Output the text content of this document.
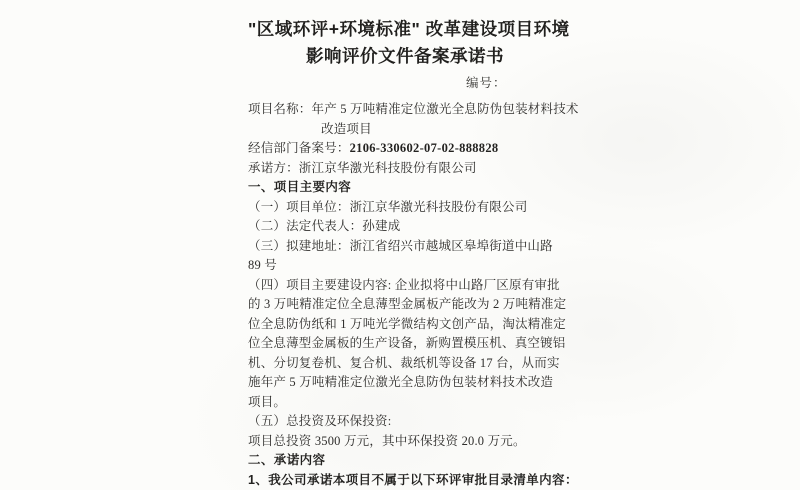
"区域环评+环境标准" 改革建设项目环境
影响评价文件备案承诺书
编号：
项目名称：年产 5 万吨精准定位激光全息防伪包装材料技术
改造项目
经信部门备案号：2106-330602-07-02-888828
承诺方：浙江京华激光科技股份有限公司
一、项目主要内容
（一）项目单位：浙江京华激光科技股份有限公司
（二）法定代表人：孙建成
（三）拟建地址：浙江省绍兴市越城区皋埠街道中山路
89 号
（四）项目主要建设内容: 企业拟将中山路厂区原有审批
的 3 万吨精准定位全息薄型金属板产能改为 2 万吨精准定
位全息防伪纸和 1 万吨光学微结构文创产品，淘汰精准定
位全息薄型金属板的生产设备，新购置模压机、真空镀铝
机、分切复卷机、复合机、裁纸机等设备 17 台，从而实
施年产 5 万吨精准定位激光全息防伪包装材料技术改造
项目。
（五）总投资及环保投资:
项目总投资 3500 万元，其中环保投资 20.0 万元。
二、承诺内容
1、我公司承诺本项目不属于以下环评审批目录清单内容：
